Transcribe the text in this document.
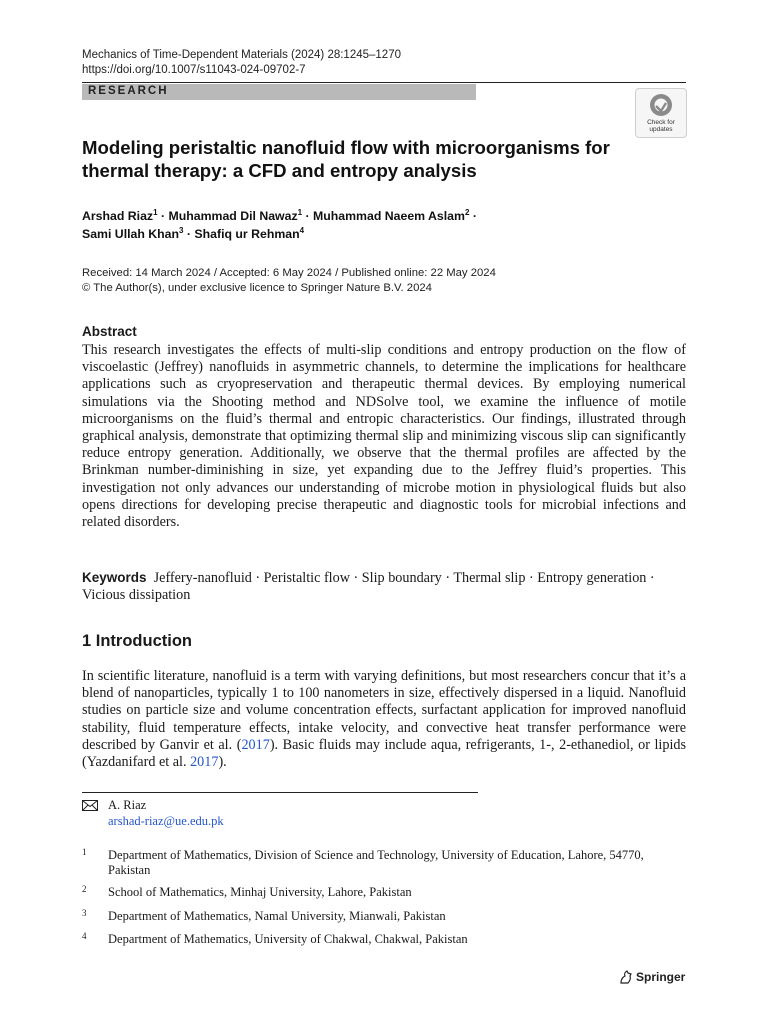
Mechanics of Time-Dependent Materials (2024) 28:1245–1270
https://doi.org/10.1007/s11043-024-09702-7
RESEARCH
Check for
updates
Modeling peristaltic nanofluid flow with microorganisms for thermal therapy: a CFD and entropy analysis
Arshad Riaz$^1$ · Muhammad Dil Nawaz$^1$ · Muhammad Naeem Aslam$^2$ ·
Sami Ullah Khan$^3$ · Shafiq ur Rehman$^4$
Received: 14 March 2024 / Accepted: 6 May 2024 / Published online: 22 May 2024
© The Author(s), under exclusive licence to Springer Nature B.V. 2024
Abstract
This research investigates the effects of multi-slip conditions and entropy production on the flow of viscoelastic (Jeffrey) nanofluids in asymmetric channels, to determine the implications for healthcare applications such as cryopreservation and therapeutic thermal devices. By employing numerical simulations via the Shooting method and NDSolve tool, we examine the influence of motile microorganisms on the fluid’s thermal and entropic characteristics. Our findings, illustrated through graphical analysis, demonstrate that optimizing thermal slip and minimizing viscous slip can significantly reduce entropy generation. Additionally, we observe that the thermal profiles are affected by the Brinkman number-diminishing in size, yet expanding due to the Jeffrey fluid’s properties. This investigation not only advances our understanding of microbe motion in physiological fluids but also opens directions for developing precise therapeutic and diagnostic tools for microbial infections and related disorders.
Keywords Jeffery-nanofluid · Peristaltic flow · Slip boundary · Thermal slip · Entropy generation · Vicious dissipation
1 Introduction
In scientific literature, nanofluid is a term with varying definitions, but most researchers concur that it’s a blend of nanoparticles, typically 1 to 100 nanometers in size, effectively dispersed in a liquid. Nanofluid studies on particle size and volume concentration effects, surfactant application for improved nanofluid stability, fluid temperature effects, intake velocity, and convective heat transfer performance were described by Ganvir et al. (2017). Basic fluids may include aqua, refrigerants, 1-, 2-ethanediol, or lipids (Yazdanifard et al. 2017).
A. Riaz
arshad-riaz@ue.edu.pk
1 Department of Mathematics, Division of Science and Technology, University of Education, Lahore, 54770, Pakistan
2 School of Mathematics, Minhaj University, Lahore, Pakistan
3 Department of Mathematics, Namal University, Mianwali, Pakistan
4 Department of Mathematics, University of Chakwal, Chakwal, Pakistan
Springer
